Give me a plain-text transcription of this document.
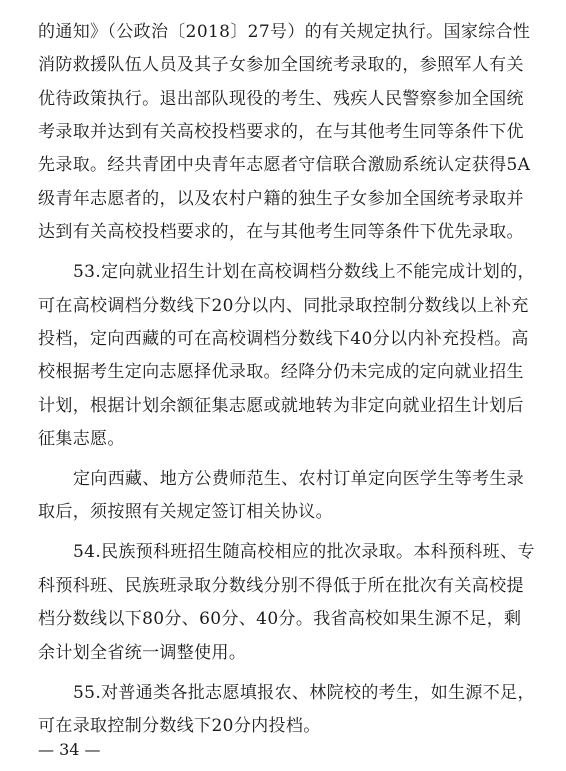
的通知》（公政治〔2018〕27号）的有关规定执行。国家综合性
消防救援队伍人员及其子女参加全国统考录取的，参照军人有关
优待政策执行。退出部队现役的考生、残疾人民警察参加全国统
考录取并达到有关高校投档要求的，在与其他考生同等条件下优
先录取。经共青团中央青年志愿者守信联合激励系统认定获得5A
级青年志愿者的，以及农村户籍的独生子女参加全国统考录取并
达到有关高校投档要求的，在与其他考生同等条件下优先录取。
53.定向就业招生计划在高校调档分数线上不能完成计划的，
可在高校调档分数线下20分以内、同批录取控制分数线以上补充
投档，定向西藏的可在高校调档分数线下40分以内补充投档。高
校根据考生定向志愿择优录取。经降分仍未完成的定向就业招生
计划，根据计划余额征集志愿或就地转为非定向就业招生计划后
征集志愿。
定向西藏、地方公费师范生、农村订单定向医学生等考生录
取后，须按照有关规定签订相关协议。
54.民族预科班招生随高校相应的批次录取。本科预科班、专
科预科班、民族班录取分数线分别不得低于所在批次有关高校提
档分数线以下80分、60分、40分。我省高校如果生源不足，剩
余计划全省统一调整使用。
55.对普通类各批志愿填报农、林院校的考生，如生源不足，
可在录取控制分数线下20分内投档。
— 34 —
